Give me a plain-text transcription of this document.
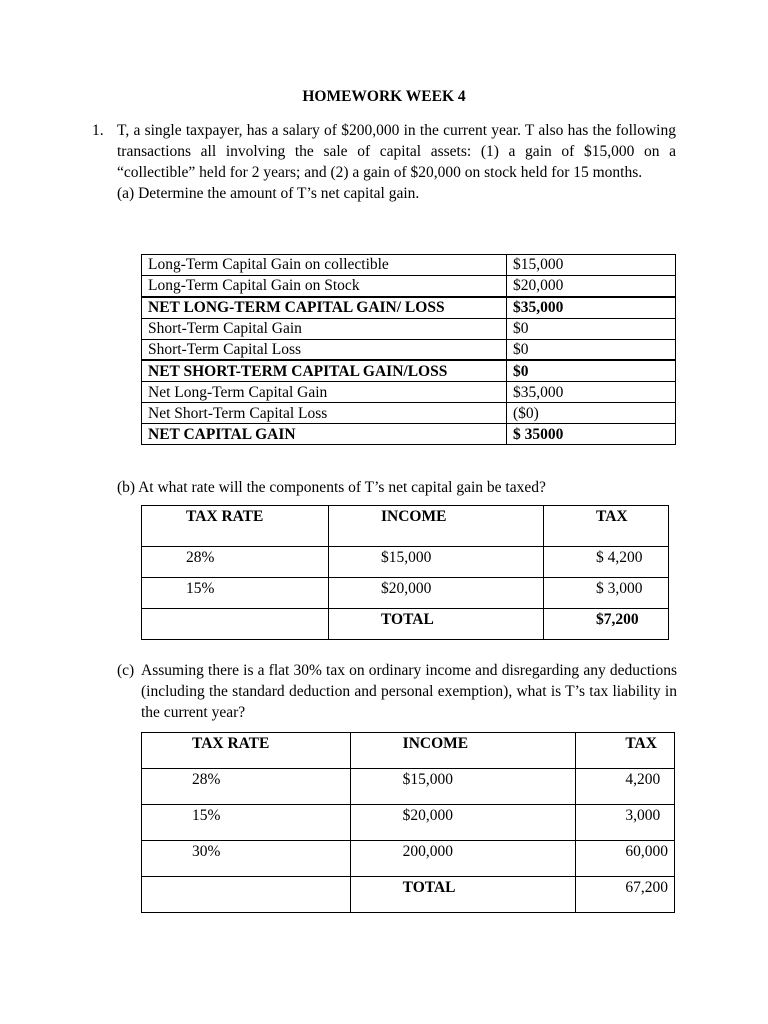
HOMEWORK WEEK 4
1. T, a single taxpayer, has a salary of $200,000 in the current year. T also has the following transactions all involving the sale of capital assets: (1) a gain of $15,000 on a “collectible” held for 2 years; and (2) a gain of $20,000 on stock held for 15 months.
(a) Determine the amount of T’s net capital gain.
Long-Term Capital Gain on collectible	$15,000
Long-Term Capital Gain on Stock	$20,000
NET LONG-TERM CAPITAL GAIN/ LOSS	$35,000
Short-Term Capital Gain	$0
Short-Term Capital Loss	$0
NET SHORT-TERM CAPITAL GAIN/LOSS	$0
Net Long-Term Capital Gain	$35,000
Net Short-Term Capital Loss	($0)
NET CAPITAL GAIN	$ 35000
(b) At what rate will the components of T’s net capital gain be taxed?
TAX RATE	INCOME	TAX
28%	$15,000	$ 4,200
15%	$20,000	$ 3,000
	TOTAL	$7,200
(c) Assuming there is a flat 30% tax on ordinary income and disregarding any deductions (including the standard deduction and personal exemption), what is T’s tax liability in the current year?
TAX RATE	INCOME	TAX
28%	$15,000	4,200
15%	$20,000	3,000
30%	200,000	60,000
	TOTAL	67,200
